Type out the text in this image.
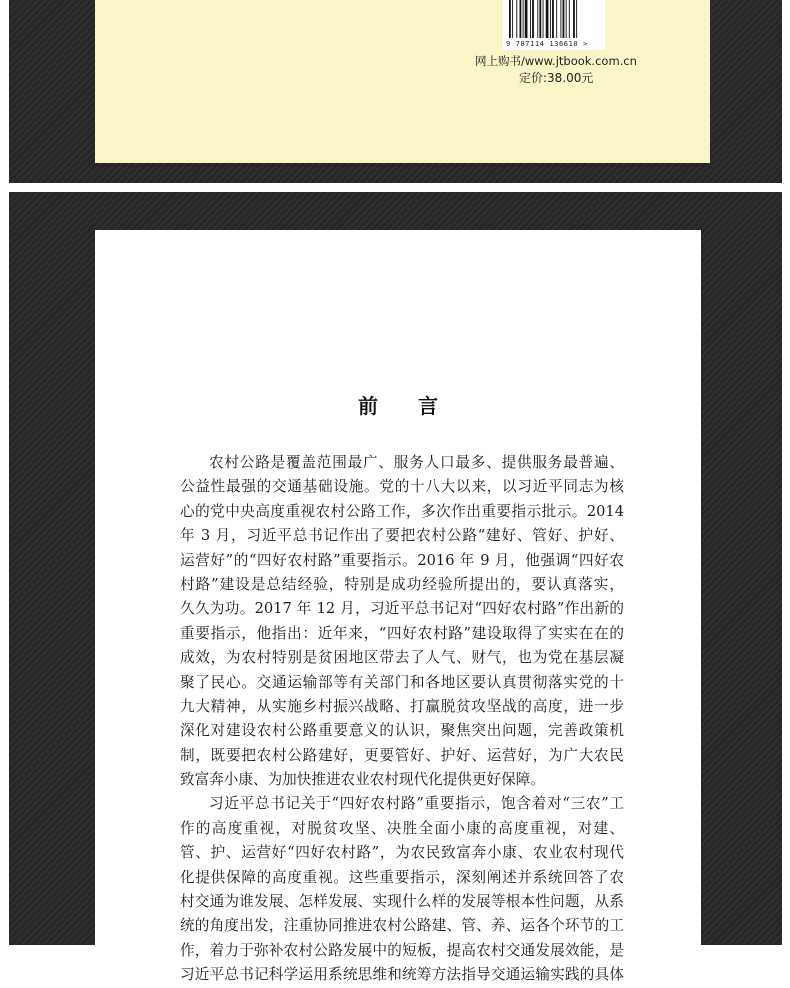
9 787114 136610 >
网上购书/www.jtbook.com.cn
定价:38.00元
前言
农村公路是覆盖范围最广、服务人口最多、提供服务最普遍、
公益性最强的交通基础设施。党的十八大以来，以习近平同志为核
心的党中央高度重视农村公路工作，多次作出重要指示批示。2014
年 3 月，习近平总书记作出了要把农村公路“建好、管好、护好、
运营好”的“四好农村路”重要指示。2016 年 9 月，他强调“四好农
村路”建设是总结经验，特别是成功经验所提出的，要认真落实，
久久为功。2017 年 12 月，习近平总书记对“四好农村路”作出新的
重要指示，他指出：近年来，“四好农村路”建设取得了实实在在的
成效，为农村特别是贫困地区带去了人气、财气，也为党在基层凝
聚了民心。交通运输部等有关部门和各地区要认真贯彻落实党的十
九大精神，从实施乡村振兴战略、打赢脱贫攻坚战的高度，进一步
深化对建设农村公路重要意义的认识，聚焦突出问题，完善政策机
制，既要把农村公路建好，更要管好、护好、运营好，为广大农民
致富奔小康、为加快推进农业农村现代化提供更好保障。
习近平总书记关于“四好农村路”重要指示，饱含着对“三农”工
作的高度重视，对脱贫攻坚、决胜全面小康的高度重视，对建、
管、护、运营好“四好农村路”，为农民致富奔小康、农业农村现代
化提供保障的高度重视。这些重要指示，深刻阐述并系统回答了农
村交通为谁发展、怎样发展、实现什么样的发展等根本性问题，从系
统的角度出发，注重协同推进农村公路建、管、养、运各个环节的工
作，着力于弥补农村公路发展中的短板，提高农村交通发展效能，是
习近平总书记科学运用系统思维和统筹方法指导交通运输实践的具体
